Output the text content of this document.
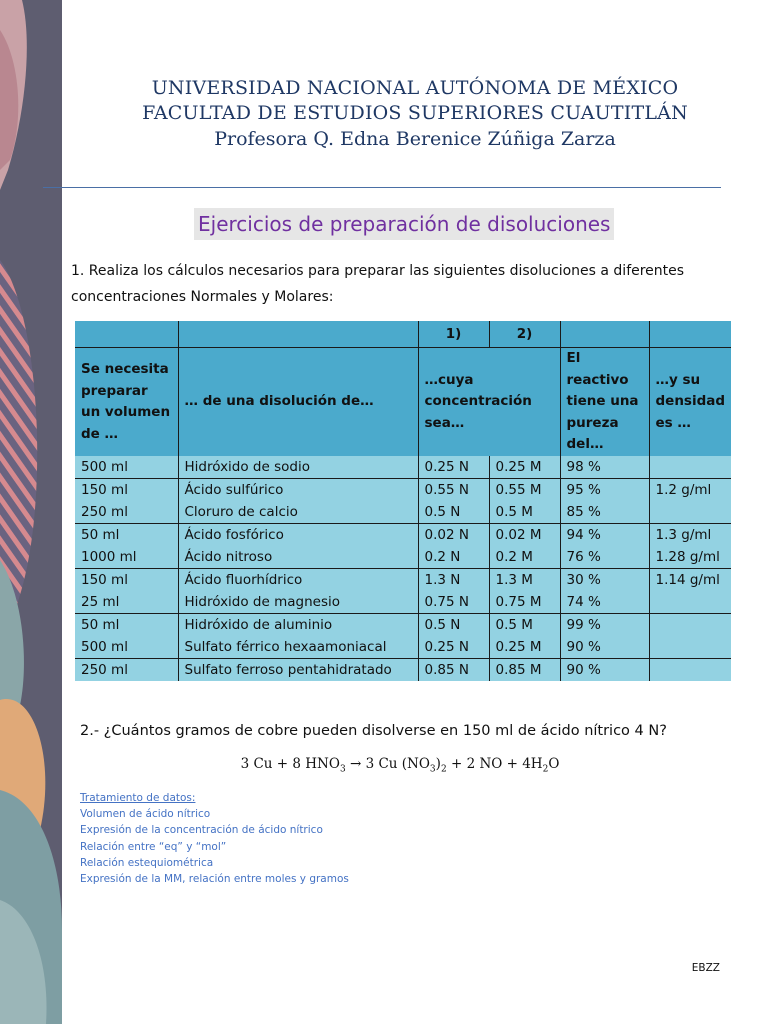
UNIVERSIDAD NACIONAL AUTÓNOMA DE MÉXICO
FACULTAD DE ESTUDIOS SUPERIORES CUAUTITLÁN
Profesora Q. Edna Berenice Zúñiga Zarza
Ejercicios de preparación de disoluciones
1. Realiza los cálculos necesarios para preparar las siguientes disoluciones a diferentes
concentraciones Normales y Molares:
		1)	2)		
Se necesita preparar un volumen de …	… de una disolución de…	…cuya concentración sea…		El reactivo tiene una pureza del…	…y su densidad es …
500 ml	Hidróxido de sodio	0.25 N	0.25 M	98 %	
150 ml	Ácido sulfúrico	0.55 N	0.55 M	95 %	1.2 g/ml
250 ml	Cloruro de calcio	0.5 N	0.5 M	85 %	
50 ml	Ácido fosfórico	0.02 N	0.02 M	94 %	1.3 g/ml
1000 ml	Ácido nitroso	0.2 N	0.2 M	76 %	1.28 g/ml
150 ml	Ácido fluorhídrico	1.3 N	1.3 M	30 %	1.14 g/ml
25 ml	Hidróxido de magnesio	0.75 N	0.75 M	74 %	
50 ml	Hidróxido de aluminio	0.5 N	0.5 M	99 %	
500 ml	Sulfato férrico hexaamoniacal	0.25 N	0.25 M	90 %	
250 ml	Sulfato ferroso pentahidratado	0.85 N	0.85 M	90 %	
2.- ¿Cuántos gramos de cobre pueden disolverse en 150 ml de ácido nítrico 4 N?
3 Cu + 8 $HNO_3 \to 3$ Cu $(NO_3)_2 + 2$ NO + $4H_2O$
Tratamiento de datos:
Volumen de ácido nítrico
Expresión de la concentración de ácido nítrico
Relación entre “eq” y “mol”
Relación estequiométrica
Expresión de la MM, relación entre moles y gramos
EBZZ
